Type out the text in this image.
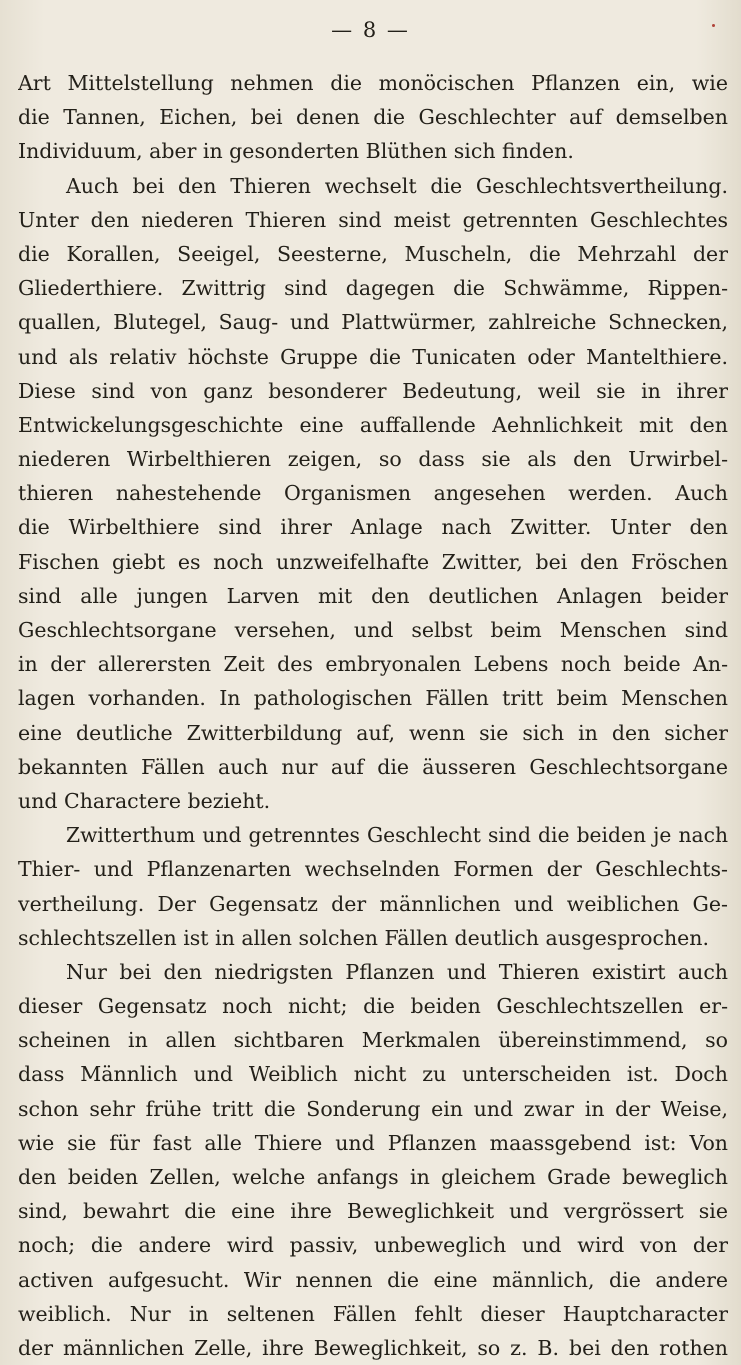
— 8 —
Art Mittelstellung nehmen die monöcischen Pflanzen ein, wie
die Tannen, Eichen, bei denen die Geschlechter auf demselben
Individuum, aber in gesonderten Blüthen sich finden.
Auch bei den Thieren wechselt die Geschlechtsvertheilung.
Unter den niederen Thieren sind meist getrennten Geschlechtes
die Korallen, Seeigel, Seesterne, Muscheln, die Mehrzahl der
Gliederthiere. Zwittrig sind dagegen die Schwämme, Rippen-
quallen, Blutegel, Saug- und Plattwürmer, zahlreiche Schnecken,
und als relativ höchste Gruppe die Tunicaten oder Mantelthiere.
Diese sind von ganz besonderer Bedeutung, weil sie in ihrer
Entwickelungsgeschichte eine auffallende Aehnlichkeit mit den
niederen Wirbelthieren zeigen, so dass sie als den Urwirbel-
thieren nahestehende Organismen angesehen werden. Auch
die Wirbelthiere sind ihrer Anlage nach Zwitter. Unter den
Fischen giebt es noch unzweifelhafte Zwitter, bei den Fröschen
sind alle jungen Larven mit den deutlichen Anlagen beider
Geschlechtsorgane versehen, und selbst beim Menschen sind
in der allerersten Zeit des embryonalen Lebens noch beide An-
lagen vorhanden. In pathologischen Fällen tritt beim Menschen
eine deutliche Zwitterbildung auf, wenn sie sich in den sicher
bekannten Fällen auch nur auf die äusseren Geschlechtsorgane
und Charactere bezieht.
Zwitterthum und getrenntes Geschlecht sind die beiden je nach
Thier- und Pflanzenarten wechselnden Formen der Geschlechts-
vertheilung. Der Gegensatz der männlichen und weiblichen Ge-
schlechtszellen ist in allen solchen Fällen deutlich ausgesprochen.
Nur bei den niedrigsten Pflanzen und Thieren existirt auch
dieser Gegensatz noch nicht; die beiden Geschlechtszellen er-
scheinen in allen sichtbaren Merkmalen übereinstimmend, so
dass Männlich und Weiblich nicht zu unterscheiden ist. Doch
schon sehr frühe tritt die Sonderung ein und zwar in der Weise,
wie sie für fast alle Thiere und Pflanzen maassgebend ist: Von
den beiden Zellen, welche anfangs in gleichem Grade beweglich
sind, bewahrt die eine ihre Beweglichkeit und vergrössert sie
noch; die andere wird passiv, unbeweglich und wird von der
activen aufgesucht. Wir nennen die eine männlich, die andere
weiblich. Nur in seltenen Fällen fehlt dieser Hauptcharacter
der männlichen Zelle, ihre Beweglichkeit, so z. B. bei den rothen
